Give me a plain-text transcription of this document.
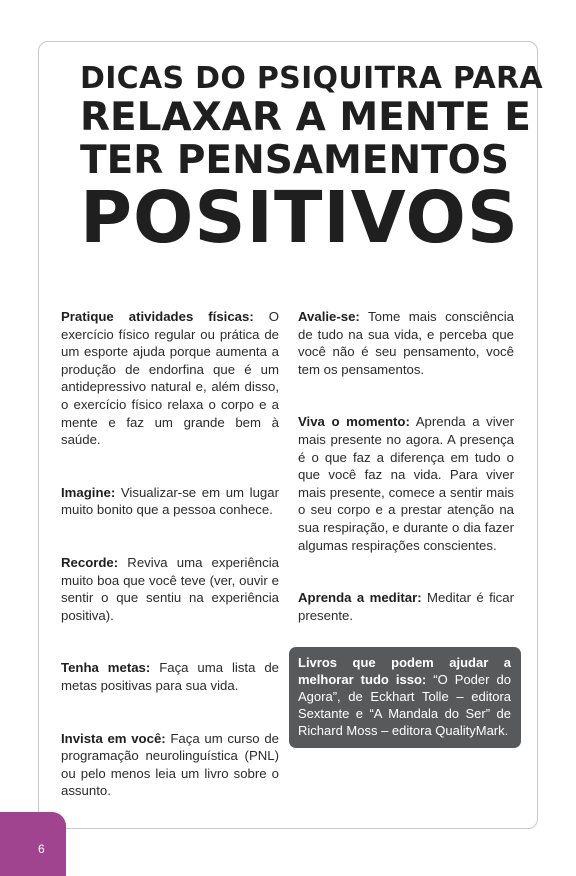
DICAS DO PSIQUITRA PARA
RELAXAR A MENTE E
TER PENSAMENTOS
POSITIVOS

Pratique atividades físicas: O exercício físico regular ou prática de um esporte ajuda porque aumenta a produção de endorfina que é um antidepressivo natural e, além disso, o exercício físico relaxa o corpo e a mente e faz um grande bem à saúde.

Imagine: Visualizar-se em um lugar muito bonito que a pessoa conhece.

Recorde: Reviva uma experiência muito boa que você teve (ver, ouvir e sentir o que sentiu na experiência positiva).

Tenha metas: Faça uma lista de metas positivas para sua vida.

Invista em você: Faça um curso de programação neurolinguística (PNL) ou pelo menos leia um livro sobre o assunto.

Avalie-se: Tome mais consciência de tudo na sua vida, e perceba que você não é seu pensamento, você tem os pensamentos.

Viva o momento: Aprenda a viver mais presente no agora. A presença é o que faz a diferença em tudo o que você faz na vida. Para viver mais presente, comece a sentir mais o seu corpo e a prestar atenção na sua respiração, e durante o dia fazer algumas respirações conscientes.

Aprenda a meditar: Meditar é ficar presente.

Livros que podem ajudar a melhorar tudo isso: “O Poder do Agora”, de Eckhart Tolle – editora Sextante e “A Mandala do Ser” de Richard Moss – editora QualityMark.
6
